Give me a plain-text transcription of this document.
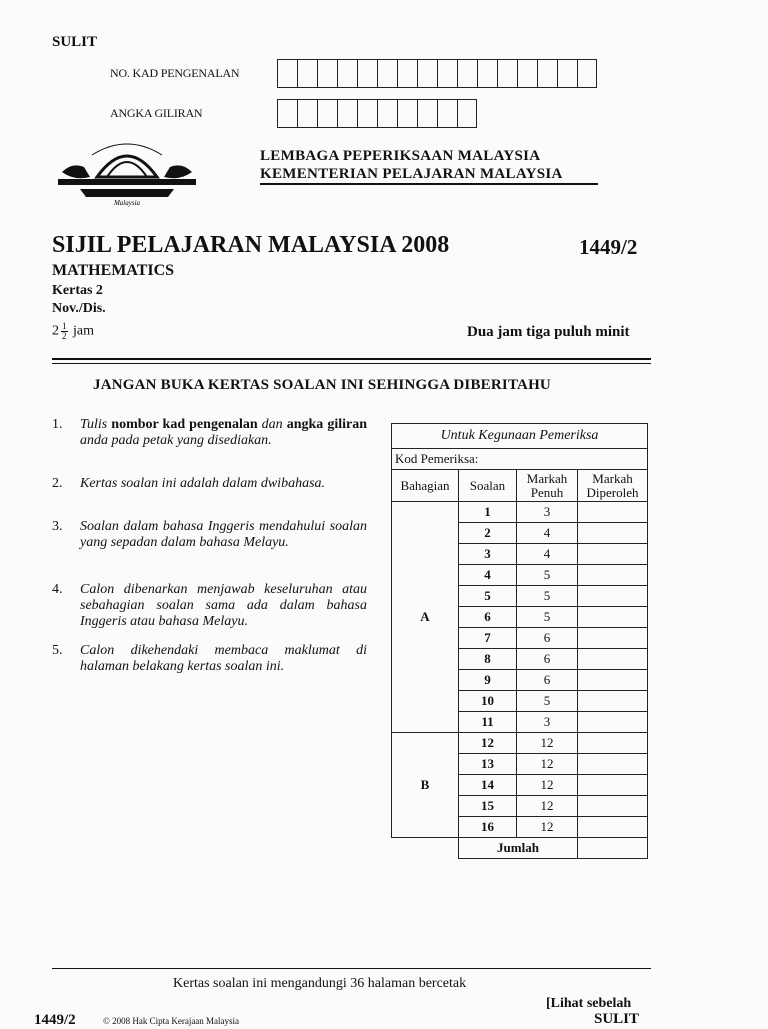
SULIT
NO. KAD PENGENALAN
ANGKA GILIRAN
Malaysia
LEMBAGA PEPERIKSAAN MALAYSIA
KEMENTERIAN PELAJARAN MALAYSIA
SIJIL PELAJARAN MALAYSIA 2008	1449/2
MATHEMATICS
Kertas 2
Nov./Dis.
$2 \frac{1}{2}$ jam	Dua jam tiga puluh minit
JANGAN BUKA KERTAS SOALAN INI SEHINGGA DIBERITAHU
1. Tulis nombor kad pengenalan dan angka giliran anda pada petak yang disediakan.
2. Kertas soalan ini adalah dalam dwibahasa.
3. Soalan dalam bahasa Inggeris mendahului soalan yang sepadan dalam bahasa Melayu.
4. Calon dibenarkan menjawab keseluruhan atau sebahagian soalan sama ada dalam bahasa Inggeris atau bahasa Melayu.
5. Calon dikehendaki membaca maklumat di halaman belakang kertas soalan ini.
Untuk Kegunaan Pemeriksa			
Kod Pemeriksa:			
Bahagian	Soalan	Markah Penuh	Markah Diperoleh
A	1	3	
	2	4	
	3	4	
	4	5	
	5	5	
	6	5	
	7	6	
	8	6	
	9	6	
	10	5	
	11	3	
B	12	12	
	13	12	
	14	12	
	15	12	
	16	12	
	Jumlah		
Kertas soalan ini mengandungi 36 halaman bercetak
[Lihat sebelah
1449/2	© 2008 Hak Cipta Kerajaan Malaysia	SULIT
